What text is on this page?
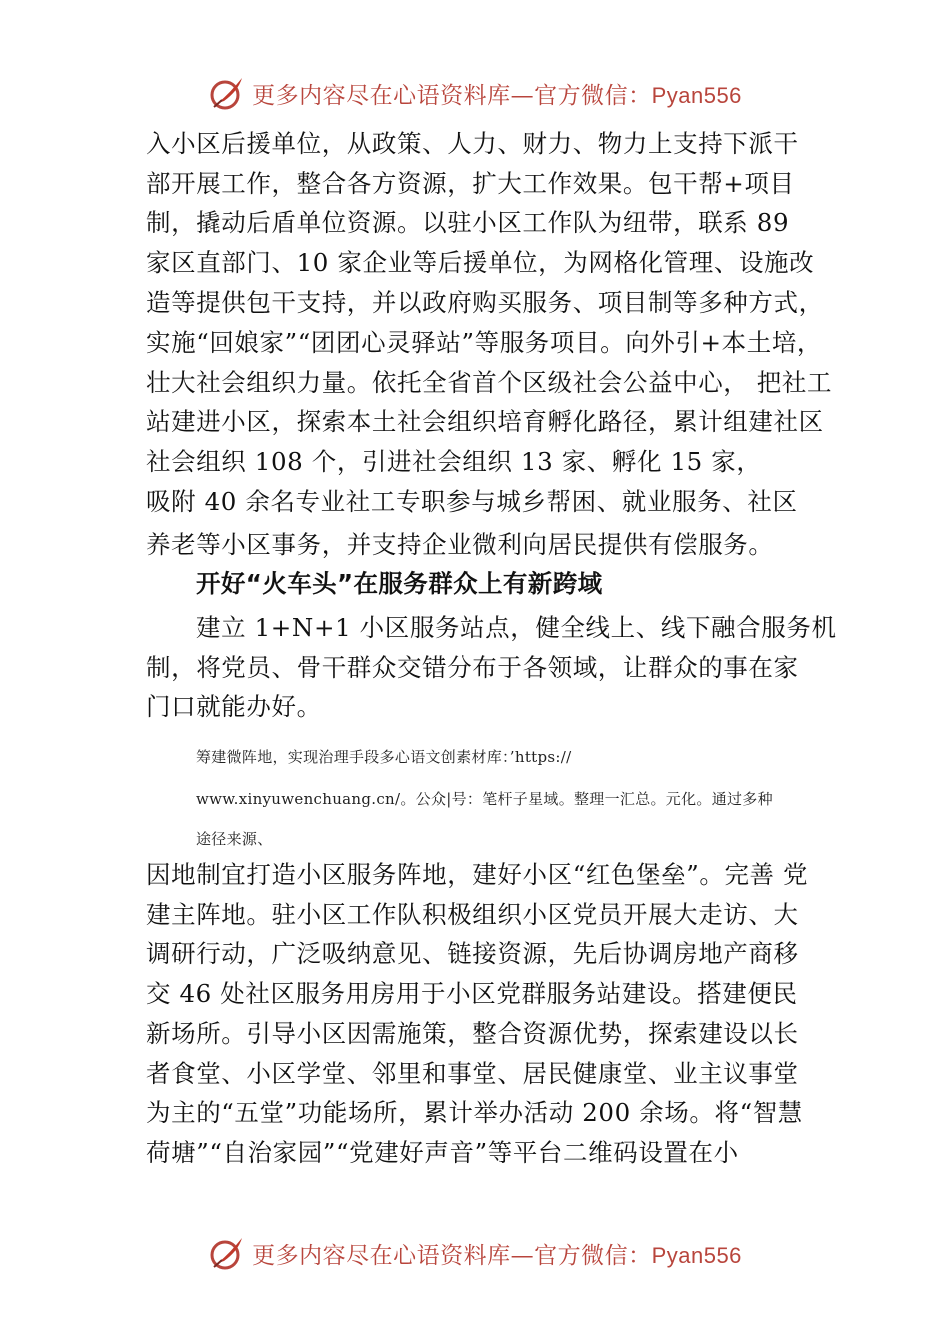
更多内容尽在心语资料库—官方微信：Pyan556
入小区后援单位，从政策、人力、财力、物力上支持下派干
部开展工作，整合各方资源，扩大工作效果。包干帮+项目
制，撬动后盾单位资源。以驻小区工作队为纽带，联系 89
家区直部门、10 家企业等后援单位，为网格化管理、设施改
造等提供包干支持，并以政府购买服务、项目制等多种方式，
实施“回娘家”“团团心灵驿站”等服务项目。向外引+本土培，
壮大社会组织力量。依托全省首个区级社会公益中心， 把社工
站建进小区，探索本土社会组织培育孵化路径，累计组建社区
社会组织 108 个，引进社会组织 13 家、孵化 15 家，
吸附 40 余名专业社工专职参与城乡帮困、就业服务、社区
养老等小区事务，并支持企业微利向居民提供有偿服务。
开好“火车头”在服务群众上有新跨域
建立 1+N+1 小区服务站点，健全线上、线下融合服务机
制，将党员、骨干群众交错分布于各领域，让群众的事在家
门口就能办好。
筹建微阵地，实现治理手段多心语文创素材库：’https://
www.xinyuwenchuang.cn/。公众|号：笔杆子星域。整理一汇总。元化。通过多种
途径来源、
因地制宜打造小区服务阵地，建好小区“红色堡垒”。完善 党
建主阵地。驻小区工作队积极组织小区党员开展大走访、大
调研行动，广泛吸纳意见、链接资源，先后协调房地产商移
交 46 处社区服务用房用于小区党群服务站建设。搭建便民
新场所。引导小区因需施策，整合资源优势，探索建设以长
者食堂、小区学堂、邻里和事堂、居民健康堂、业主议事堂
为主的“五堂”功能场所，累计举办活动 200 余场。将“智慧
荷塘”“自治家园”“党建好声音”等平台二维码设置在小
更多内容尽在心语资料库—官方微信：Pyan556
